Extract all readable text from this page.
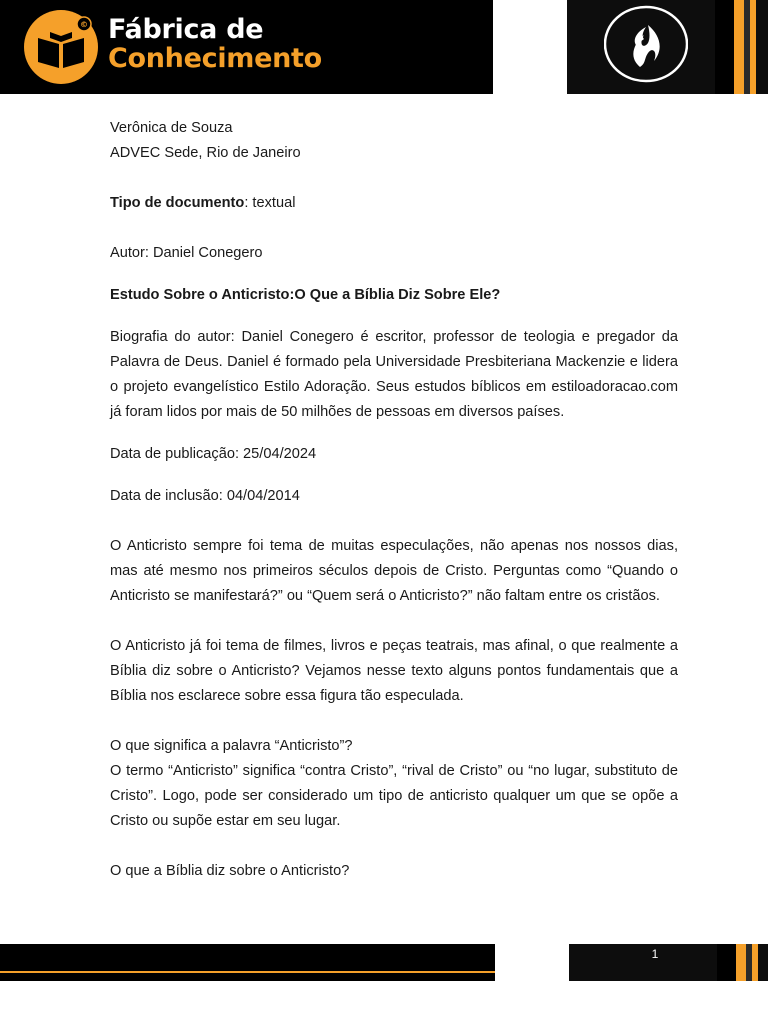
© Fábrica de
Conhecimento

Verônica de Souza

ADVEC Sede, Rio de Janeiro

Tipo de documento: textual

Autor: Daniel Conegero

Estudo Sobre o Anticristo:O Que a Bíblia Diz Sobre Ele?

Biografia do autor: Daniel Conegero é escritor, professor de teologia e pregador da Palavra de Deus. Daniel é formado pela Universidade Presbiteriana Mackenzie e lidera o projeto evangelístico Estilo Adoração. Seus estudos bíblicos em estiloadoracao.com já foram lidos por mais de 50 milhões de pessoas em diversos países.

Data de publicação: 25/04/2024

Data de inclusão: 04/04/2014

O Anticristo sempre foi tema de muitas especulações, não apenas nos nossos dias, mas até mesmo nos primeiros séculos depois de Cristo. Perguntas como “Quando o Anticristo se manifestará?” ou “Quem será o Anticristo?” não faltam entre os cristãos.

O Anticristo já foi tema de filmes, livros e peças teatrais, mas afinal, o que realmente a Bíblia diz sobre o Anticristo? Vejamos nesse texto alguns pontos fundamentais que a Bíblia nos esclarece sobre essa figura tão especulada.

O que significa a palavra “Anticristo”?

O termo “Anticristo” significa “contra Cristo”, “rival de Cristo” ou “no lugar, substituto de Cristo”. Logo, pode ser considerado um tipo de anticristo qualquer um que se opõe a Cristo ou supõe estar em seu lugar.

O que a Bíblia diz sobre o Anticristo?

1
